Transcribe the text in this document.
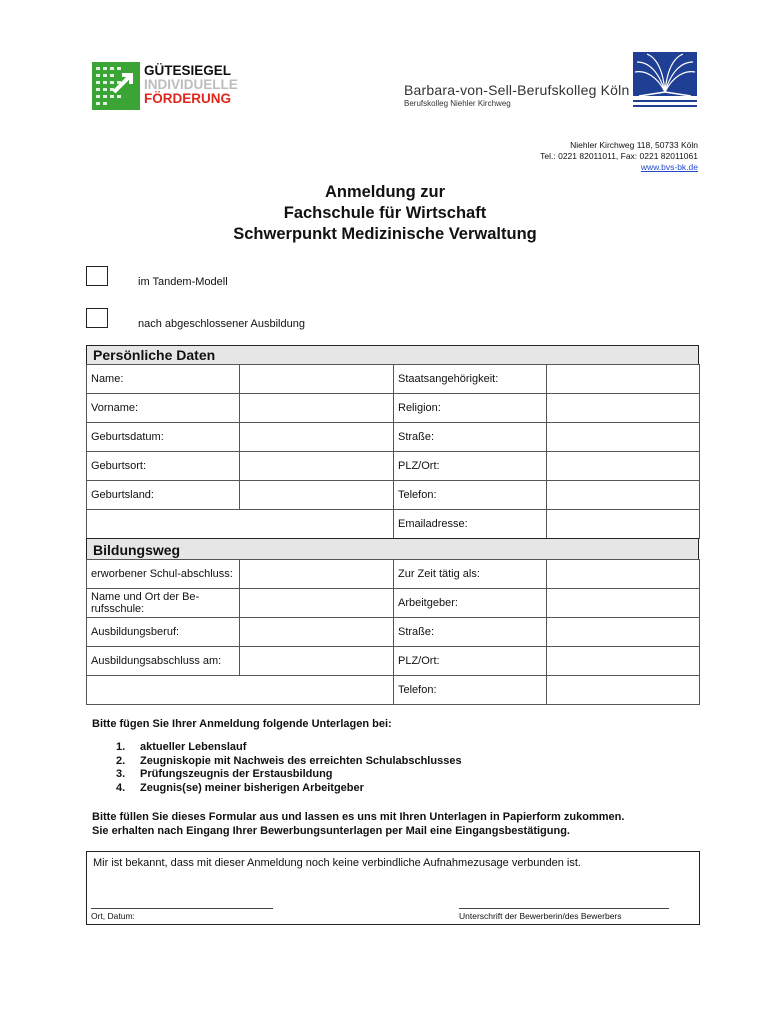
GÜTESIEGEL
INDIVIDUELLE
FÖRDERUNG
Barbara-von-Sell-Berufskolleg Köln
Berufskolleg Niehler Kirchweg
Niehler Kirchweg 118, 50733 Köln
Tel.: 0221 82011011, Fax: 0221 82011061
www.bvs-bk.de
Anmeldung zur
Fachschule für Wirtschaft
Schwerpunkt Medizinische Verwaltung
im Tandem-Modell
nach abgeschlossener Ausbildung
Persönliche Daten
Name:		Staatsangehörigkeit:	
Vorname:		Religion:	
Geburtsdatum:		Straße:	
Geburtsort:		PLZ/Ort:	
Geburtsland:		Telefon:	
		Emailadresse:	
Bildungsweg
erworbener Schul-abschluss:		Zur Zeit tätig als:	
Name und Ort der Be-rufsschule:		Arbeitgeber:	
Ausbildungsberuf:		Straße:	
Ausbildungsabschluss am:		PLZ/Ort:	
		Telefon:	
Bitte fügen Sie Ihrer Anmeldung folgende Unterlagen bei:
1. aktueller Lebenslauf
2. Zeugniskopie mit Nachweis des erreichten Schulabschlusses
3. Prüfungszeugnis der Erstausbildung
4. Zeugnis(se) meiner bisherigen Arbeitgeber
Bitte füllen Sie dieses Formular aus und lassen es uns mit Ihren Unterlagen in Papierform zukommen.
Sie erhalten nach Eingang Ihrer Bewerbungsunterlagen per Mail eine Eingangsbestätigung.
Mir ist bekannt, dass mit dieser Anmeldung noch keine verbindliche Aufnahmezusage verbunden ist.
Ort, Datum:	Unterschrift der Bewerberin/des Bewerbers
